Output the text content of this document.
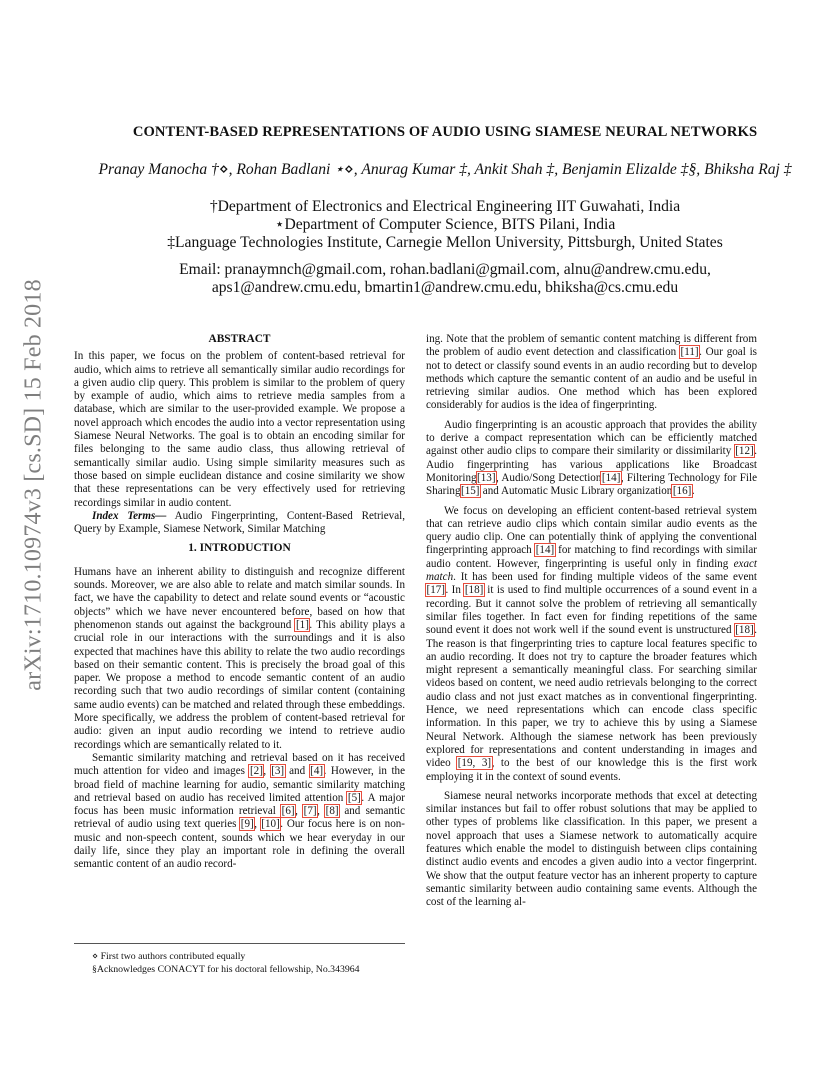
arXiv:1710.10974v3 [cs.SD] 15 Feb 2018
CONTENT-BASED REPRESENTATIONS OF AUDIO USING SIAMESE NEURAL NETWORKS
Pranay Manocha †⋄, Rohan Badlani ⋆⋄, Anurag Kumar ‡, Ankit Shah ‡, Benjamin Elizalde ‡§, Bhiksha Raj ‡
†Department of Electronics and Electrical Engineering IIT Guwahati, India
⋆Department of Computer Science, BITS Pilani, India
‡Language Technologies Institute, Carnegie Mellon University, Pittsburgh, United States
Email: pranaymnch@gmail.com, rohan.badlani@gmail.com, alnu@andrew.cmu.edu,
aps1@andrew.cmu.edu, bmartin1@andrew.cmu.edu, bhiksha@cs.cmu.edu
ABSTRACT

In this paper, we focus on the problem of content-based retrieval for audio, which aims to retrieve all semantically similar audio recordings for a given audio clip query. This problem is similar to the problem of query by example of audio, which aims to retrieve media samples from a database, which are similar to the user-provided example. We propose a novel approach which encodes the audio into a vector representation using Siamese Neural Networks. The goal is to obtain an encoding similar for files belonging to the same audio class, thus allowing retrieval of semantically similar audio. Using simple similarity measures such as those based on simple euclidean distance and cosine similarity we show that these representations can be very effectively used for retrieving recordings similar in audio content.

Index Terms— Audio Fingerprinting, Content-Based Retrieval, Query by Example, Siamese Network, Similar Matching

1. INTRODUCTION

Humans have an inherent ability to distinguish and recognize different sounds. Moreover, we are also able to relate and match similar sounds. In fact, we have the capability to detect and relate sound events or “acoustic objects” which we have never encountered before, based on how that phenomenon stands out against the background [1]. This ability plays a crucial role in our interactions with the surroundings and it is also expected that machines have this ability to relate the two audio recordings based on their semantic content. This is precisely the broad goal of this paper. We propose a method to encode semantic content of an audio recording such that two audio recordings of similar content (containing same audio events) can be matched and related through these embeddings. More specifically, we address the problem of content-based retrieval for audio: given an input audio recording we intend to retrieve audio recordings which are semantically related to it.

Semantic similarity matching and retrieval based on it has received much attention for video and images [2], [3] and [4]. However, in the broad field of machine learning for audio, semantic similarity matching and retrieval based on audio has received limited attention [5]. A major focus has been music information retrieval [6], [7], [8] and semantic retrieval of audio using text queries [9], [10]. Our focus here is on non-music and non-speech content, sounds which we hear everyday in our daily life, since they play an important role in defining the overall semantic content of an audio record-

⋄ First two authors contributed equally
§Acknowledges CONACYT for his doctoral fellowship, No.343964

ing. Note that the problem of semantic content matching is different from the problem of audio event detection and classification [11]. Our goal is not to detect or classify sound events in an audio recording but to develop methods which capture the semantic content of an audio and be useful in retrieving similar audios. One method which has been explored considerably for audios is the idea of fingerprinting.

Audio fingerprinting is an acoustic approach that provides the ability to derive a compact representation which can be efficiently matched against other audio clips to compare their similarity or dissimilarity [12]. Audio fingerprinting has various applications like Broadcast Monitoring[13], Audio/Song Detection[14], Filtering Technology for File Sharing[15] and Automatic Music Library organization[16].

We focus on developing an efficient content-based retrieval system that can retrieve audio clips which contain similar audio events as the query audio clip. One can potentially think of applying the conventional fingerprinting approach [14] for matching to find recordings with similar audio content. However, fingerprinting is useful only in finding exact match. It has been used for finding multiple videos of the same event [17]. In [18] it is used to find multiple occurrences of a sound event in a recording. But it cannot solve the problem of retrieving all semantically similar files together. In fact even for finding repetitions of the same sound event it does not work well if the sound event is unstructured [18]. The reason is that fingerprinting tries to capture local features specific to an audio recording. It does not try to capture the broader features which might represent a semantically meaningful class. For searching similar videos based on content, we need audio retrievals belonging to the correct audio class and not just exact matches as in conventional fingerprinting. Hence, we need representations which can encode class specific information. In this paper, we try to achieve this by using a Siamese Neural Network. Although the siamese network has been previously explored for representations and content understanding in images and video [19, 3], to the best of our knowledge this is the first work employing it in the context of sound events.

Siamese neural networks incorporate methods that excel at detecting similar instances but fail to offer robust solutions that may be applied to other types of problems like classification. In this paper, we present a novel approach that uses a Siamese network to automatically acquire features which enable the model to distinguish between clips containing distinct audio events and encodes a given audio into a vector fingerprint. We show that the output feature vector has an inherent property to capture semantic similarity between audio containing same events. Although the cost of the learning al-
